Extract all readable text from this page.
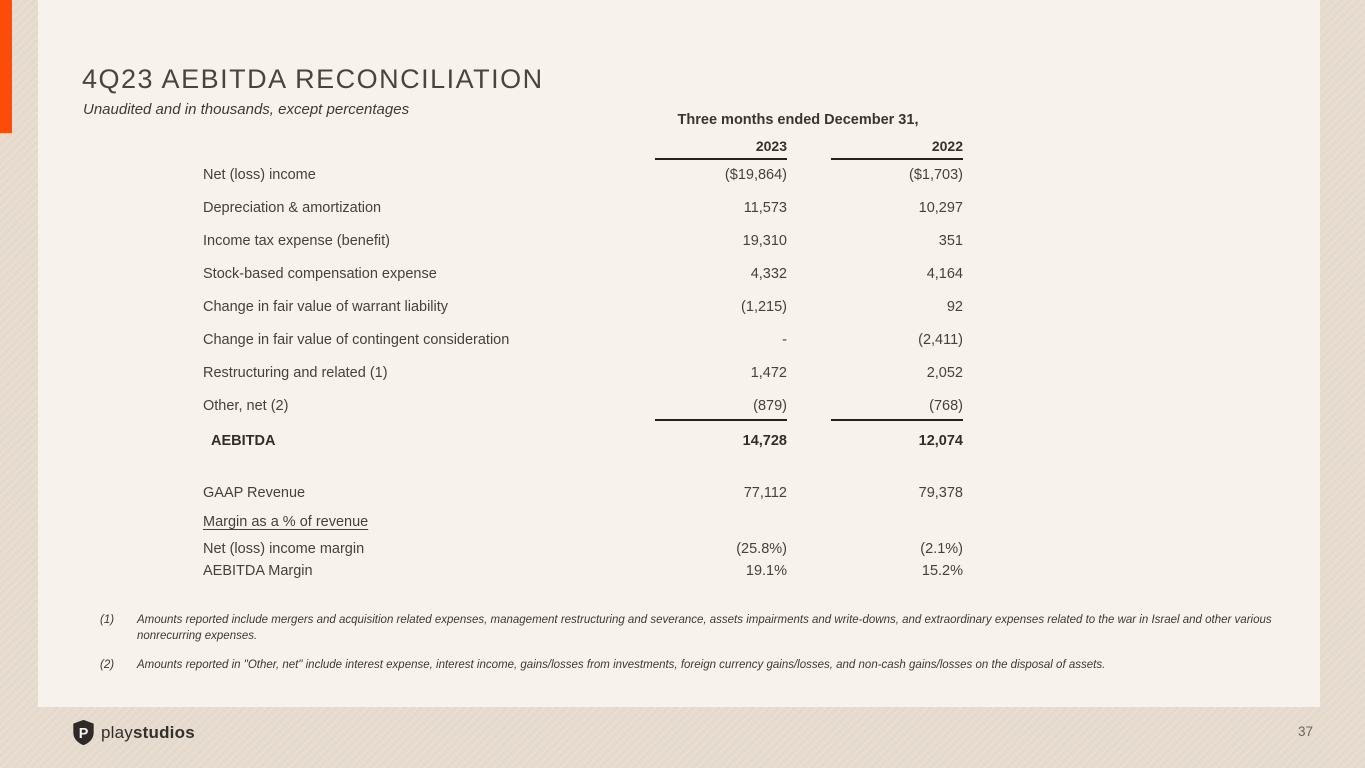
4Q23 AEBITDA RECONCILIATION
Unaudited and in thousands, except percentages
Three months ended December 31,
2023	2022
Net (loss) income	($19,864)	($1,703)
Depreciation & amortization	11,573	10,297
Income tax expense (benefit)	19,310	351
Stock-based compensation expense	4,332	4,164
Change in fair value of warrant liability	(1,215)	92
Change in fair value of contingent consideration	-	(2,411)
Restructuring and related (1)	1,472	2,052
Other, net (2)	(879)	(768)
AEBITDA	14,728	12,074
GAAP Revenue	77,112	79,378
Margin as a % of revenue
Net (loss) income margin	(25.8%)	(2.1%)
AEBITDA Margin	19.1%	15.2%
(1)	Amounts reported include mergers and acquisition related expenses, management restructuring and severance, assets impairments and write-downs, and extraordinary expenses related to the war in Israel and other various nonrecurring expenses.
(2)	Amounts reported in "Other, net" include interest expense, interest income, gains/losses from investments, foreign currency gains/losses, and non-cash gains/losses on the disposal of assets.
P playstudios	37
